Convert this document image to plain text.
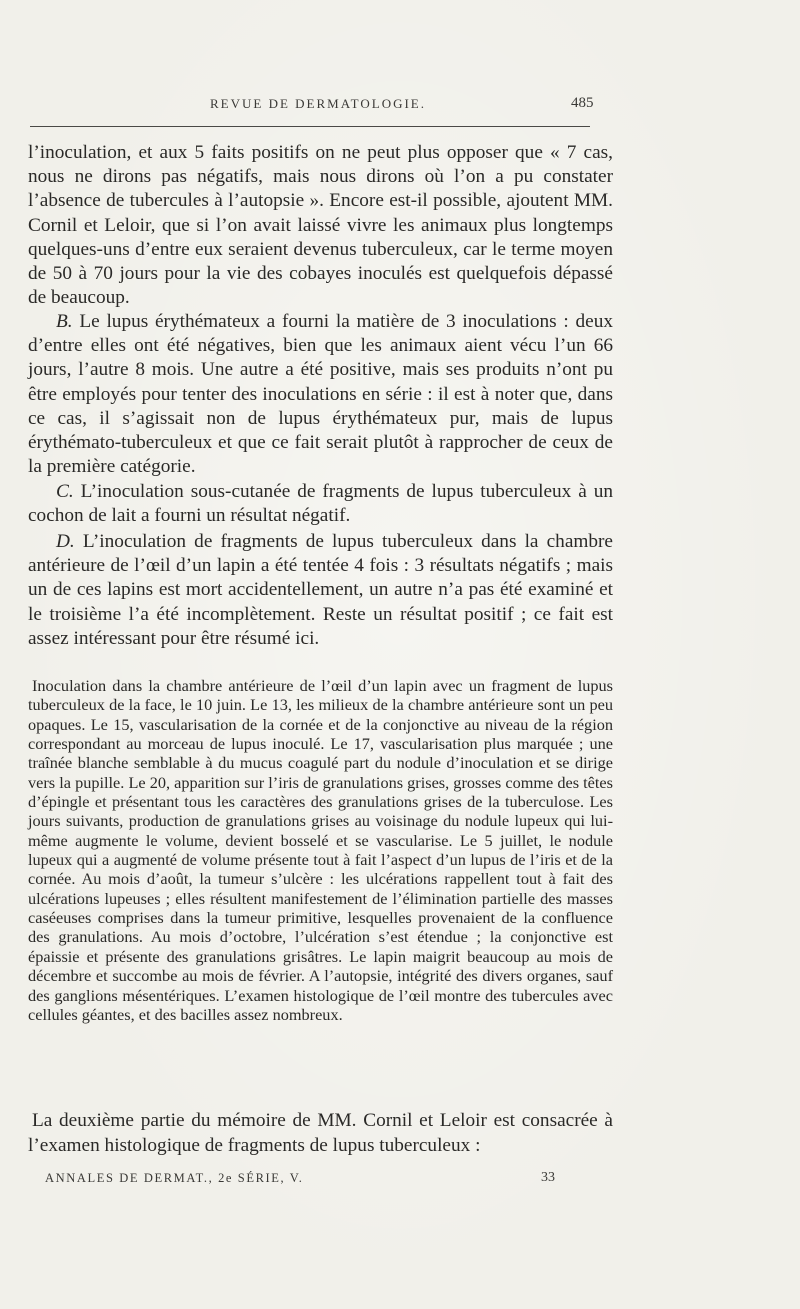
REVUE DE DERMATOLOGIE.	485

l’inoculation, et aux 5 faits positifs on ne peut plus opposer que « 7 cas, nous ne dirons pas négatifs, mais nous dirons où l’on a pu constater l’absence de tubercules à l’autopsie ». Encore est-il possible, ajoutent MM. Cornil et Leloir, que si l’on avait laissé vivre les animaux plus longtemps quelques-uns d’entre eux seraient devenus tuberculeux, car le terme moyen de 50 à 70 jours pour la vie des cobayes inoculés est quelquefois dépassé de beaucoup.

B. Le lupus érythémateux a fourni la matière de 3 inoculations : deux d’entre elles ont été négatives, bien que les animaux aient vécu l’un 66 jours, l’autre 8 mois. Une autre a été positive, mais ses produits n’ont pu être employés pour tenter des inoculations en série : il est à noter que, dans ce cas, il s’agissait non de lupus érythémateux pur, mais de lupus érythémato-tuberculeux et que ce fait serait plutôt à rapprocher de ceux de la première catégorie.

C. L’inoculation sous-cutanée de fragments de lupus tuberculeux à un cochon de lait a fourni un résultat négatif.

D. L’inoculation de fragments de lupus tuberculeux dans la chambre antérieure de l’œil d’un lapin a été tentée 4 fois : 3 résultats négatifs ; mais un de ces lapins est mort accidentellement, un autre n’a pas été examiné et le troisième l’a été incomplètement. Reste un résultat positif ; ce fait est assez intéressant pour être résumé ici.

Inoculation dans la chambre antérieure de l’œil d’un lapin avec un fragment de lupus tuberculeux de la face, le 10 juin. Le 13, les milieux de la chambre antérieure sont un peu opaques. Le 15, vascularisation de la cornée et de la conjonctive au niveau de la région correspondant au morceau de lupus inoculé. Le 17, vascularisation plus marquée ; une traînée blanche semblable à du mucus coagulé part du nodule d’inoculation et se dirige vers la pupille. Le 20, apparition sur l’iris de granulations grises, grosses comme des têtes d’épingle et présentant tous les caractères des granulations grises de la tuberculose. Les jours suivants, production de granulations grises au voisinage du nodule lupeux qui lui-même augmente le volume, devient bosselé et se vascularise. Le 5 juillet, le nodule lupeux qui a augmenté de volume présente tout à fait l’aspect d’un lupus de l’iris et de la cornée. Au mois d’août, la tumeur s’ulcère : les ulcérations rappellent tout à fait des ulcérations lupeuses ; elles résultent manifestement de l’élimination partielle des masses caséeuses comprises dans la tumeur primitive, lesquelles provenaient de la confluence des granulations. Au mois d’octobre, l’ulcération s’est étendue ; la conjonctive est épaissie et présente des granulations grisâtres. Le lapin maigrit beaucoup au mois de décembre et succombe au mois de février. A l’autopsie, intégrité des divers organes, sauf des ganglions mésentériques. L’examen histologique de l’œil montre des tubercules avec cellules géantes, et des bacilles assez nombreux.

La deuxième partie du mémoire de MM. Cornil et Leloir est consacrée à l’examen histologique de fragments de lupus tuberculeux :

ANNALES DE DERMAT., 2e SÉRIE, V.	33
